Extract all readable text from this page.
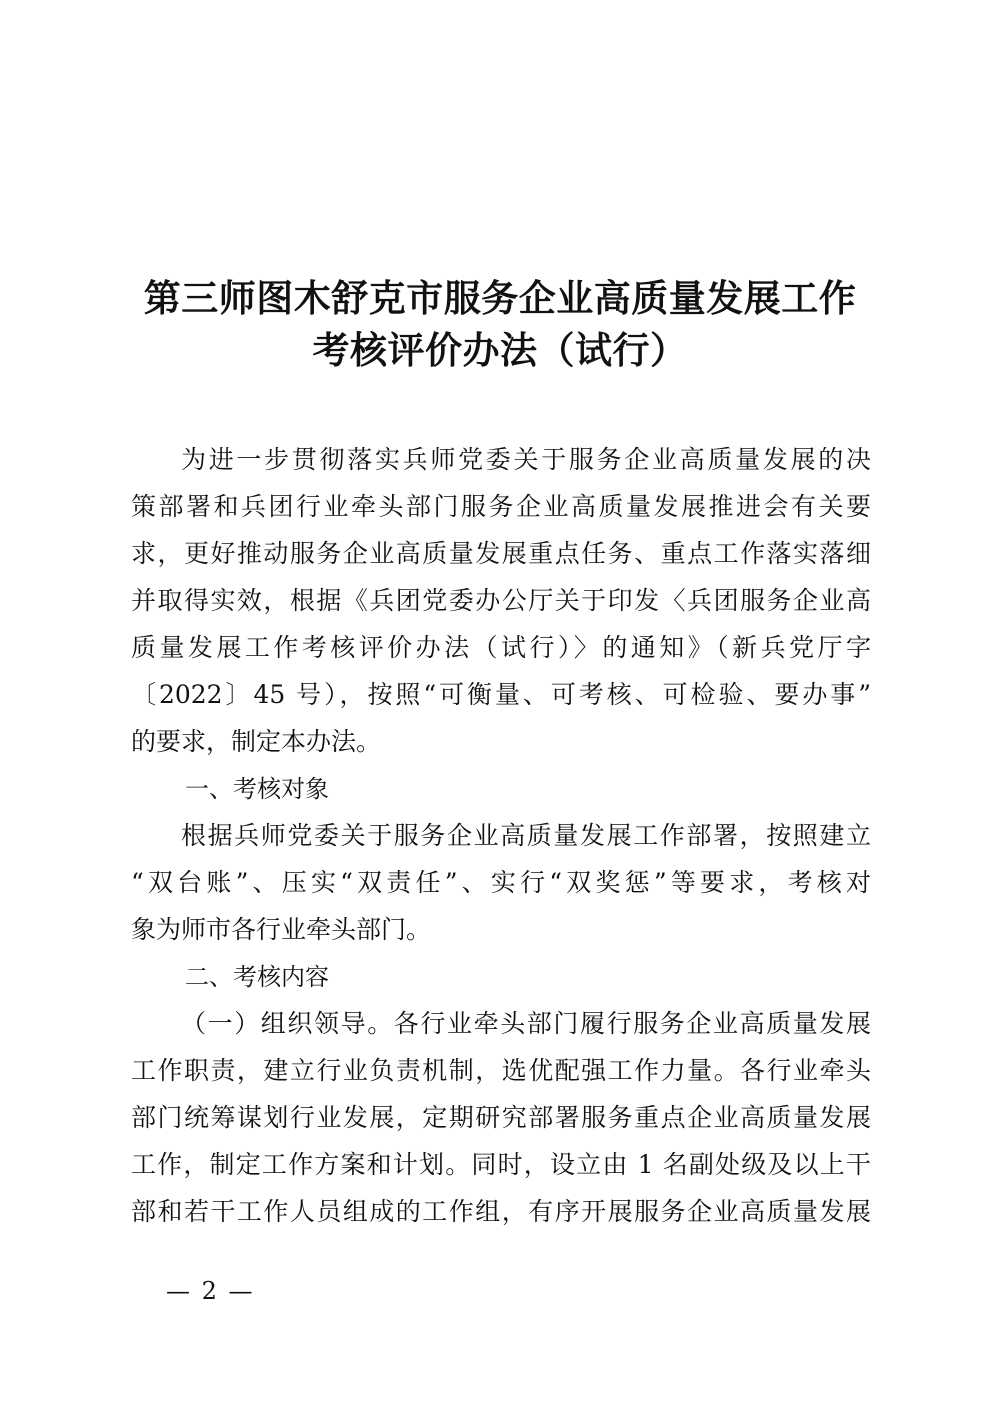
第三师图木舒克市服务企业高质量发展工作
考核评价办法（试行）
为进一步贯彻落实兵师党委关于服务企业高质量发展的决
策部署和兵团行业牵头部门服务企业高质量发展推进会有关要
求，更好推动服务企业高质量发展重点任务、重点工作落实落细
并取得实效，根据《兵团党委办公厅关于印发〈兵团服务企业高
质量发展工作考核评价办法（试行）〉的通知》（新兵党厅字
〔2022〕45 号），按照“可衡量、可考核、可检验、要办事”
的要求，制定本办法。
一、考核对象
根据兵师党委关于服务企业高质量发展工作部署，按照建立
“双台账”、压实“双责任”、实行“双奖惩”等要求，考核对
象为师市各行业牵头部门。
二、考核内容
（一）组织领导。各行业牵头部门履行服务企业高质量发展
工作职责，建立行业负责机制，选优配强工作力量。各行业牵头
部门统筹谋划行业发展，定期研究部署服务重点企业高质量发展
工作，制定工作方案和计划。同时，设立由 1 名副处级及以上干
部和若干工作人员组成的工作组，有序开展服务企业高质量发展
— 2 —
